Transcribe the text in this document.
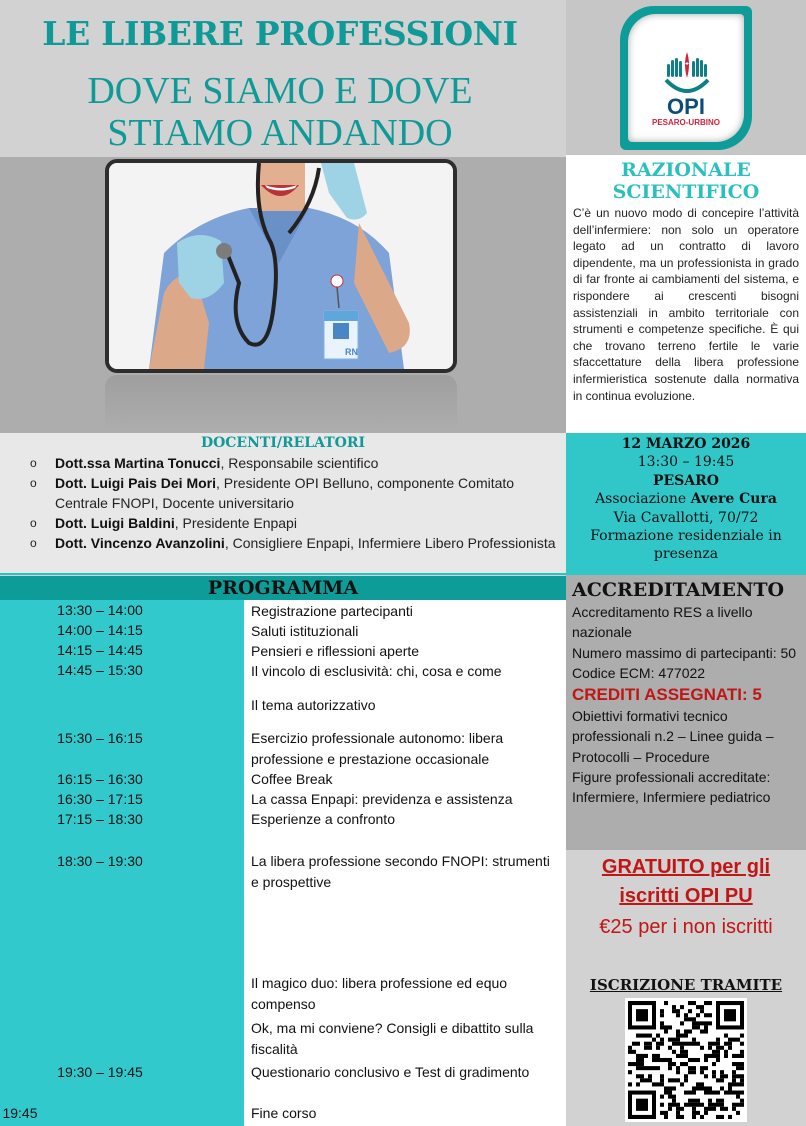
LE LIBERE PROFESSIONI
DOVE SIAMO E DOVE
STIAMO ANDANDO
OPI
PESARO-URBINO
RN
RAZIONALE
SCIENTIFICO

C’è un nuovo modo di concepire l’attività dell’infermiere: non solo un operatore legato ad un contratto di lavoro dipendente, ma un professionista in grado di far fronte ai cambiamenti del sistema, e rispondere ai crescenti bisogni assistenziali in ambito territoriale con strumenti e competenze specifiche. È qui che trovano terreno fertile le varie sfaccettature della libera professione infermieristica sostenute dalla normativa in continua evoluzione.

DOCENTI/RELATORI
o Dott.ssa Martina Tonucci, Responsabile scientifico
o Dott. Luigi Pais Dei Mori, Presidente OPI Belluno, componente Comitato Centrale FNOPI, Docente universitario
o Dott. Luigi Baldini, Presidente Enpapi
o Dott. Vincenzo Avanzolini, Consigliere Enpapi, Infermiere Libero Professionista
12 MARZO 2026
13:30 – 19:45
PESARO
Associazione Avere Cura
Via Cavallotti, 70/72
Formazione residenziale in
presenza
PROGRAMMA
13:30 – 14:00
14:00 – 14:15
14:15 – 14:45
14:45 – 15:30
15:30 – 16:15
16:15 – 16:30
16:30 – 17:15
17:15 – 18:30
18:30 – 19:30
19:30 – 19:45
19:45
Registrazione partecipanti
Saluti istituzionali
Pensieri e riflessioni aperte
Il vincolo di esclusività: chi, cosa e come
Il tema autorizzativo
Esercizio professionale autonomo: libera professione e prestazione occasionale
Coffee Break
La cassa Enpapi: previdenza e assistenza
Esperienze a confronto
La libera professione secondo FNOPI: strumenti e prospettive
Il magico duo: libera professione ed equo compenso
Ok, ma mi conviene? Consigli e dibattito sulla fiscalità
Questionario conclusivo e Test di gradimento
Fine corso
ACCREDITAMENTO
Accreditamento RES a livello nazionale
Numero massimo di partecipanti: 50
Codice ECM: 477022
CREDITI ASSEGNATI: 5
Obiettivi formativi tecnico professionali n.2 – Linee guida – Protocolli – Procedure
Figure professionali accreditate: Infermiere, Infermiere pediatrico
GRATUITO per gli
iscritti OPI PU
€25 per i non iscritti
ISCRIZIONE TRAMITE
